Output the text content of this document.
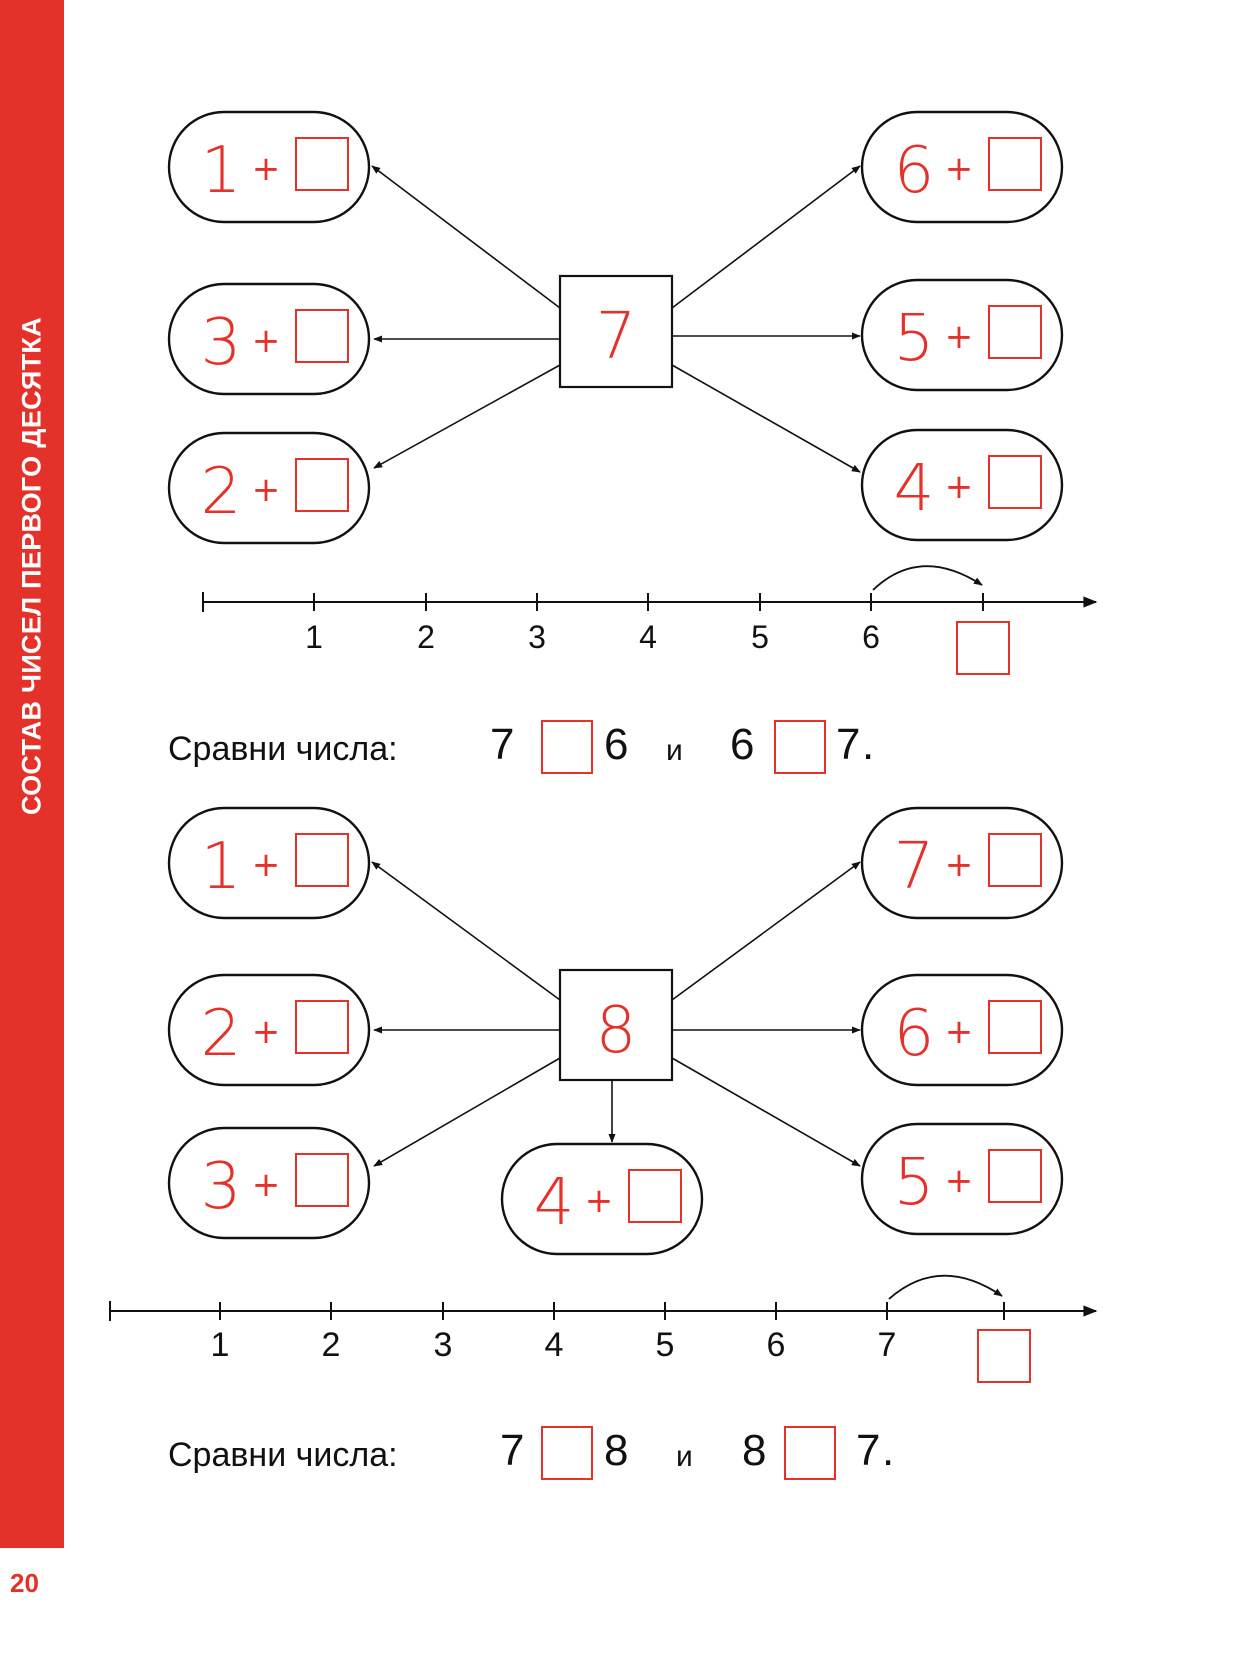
СОСТАВ ЧИСЕЛ ПЕРВОГО ДЕСЯТКА
20
7
1 +
3 +
2 +
6 +
5 +
4 +
1	2	3	4	5	6
8
1 +
2 +
3 +
7 +
6 +
5 +
4 +
1	2	3	4	5	6	7
Сравни числа: 7 6 и 6 7 .
Сравни числа: 7 8 и 8 7 .
